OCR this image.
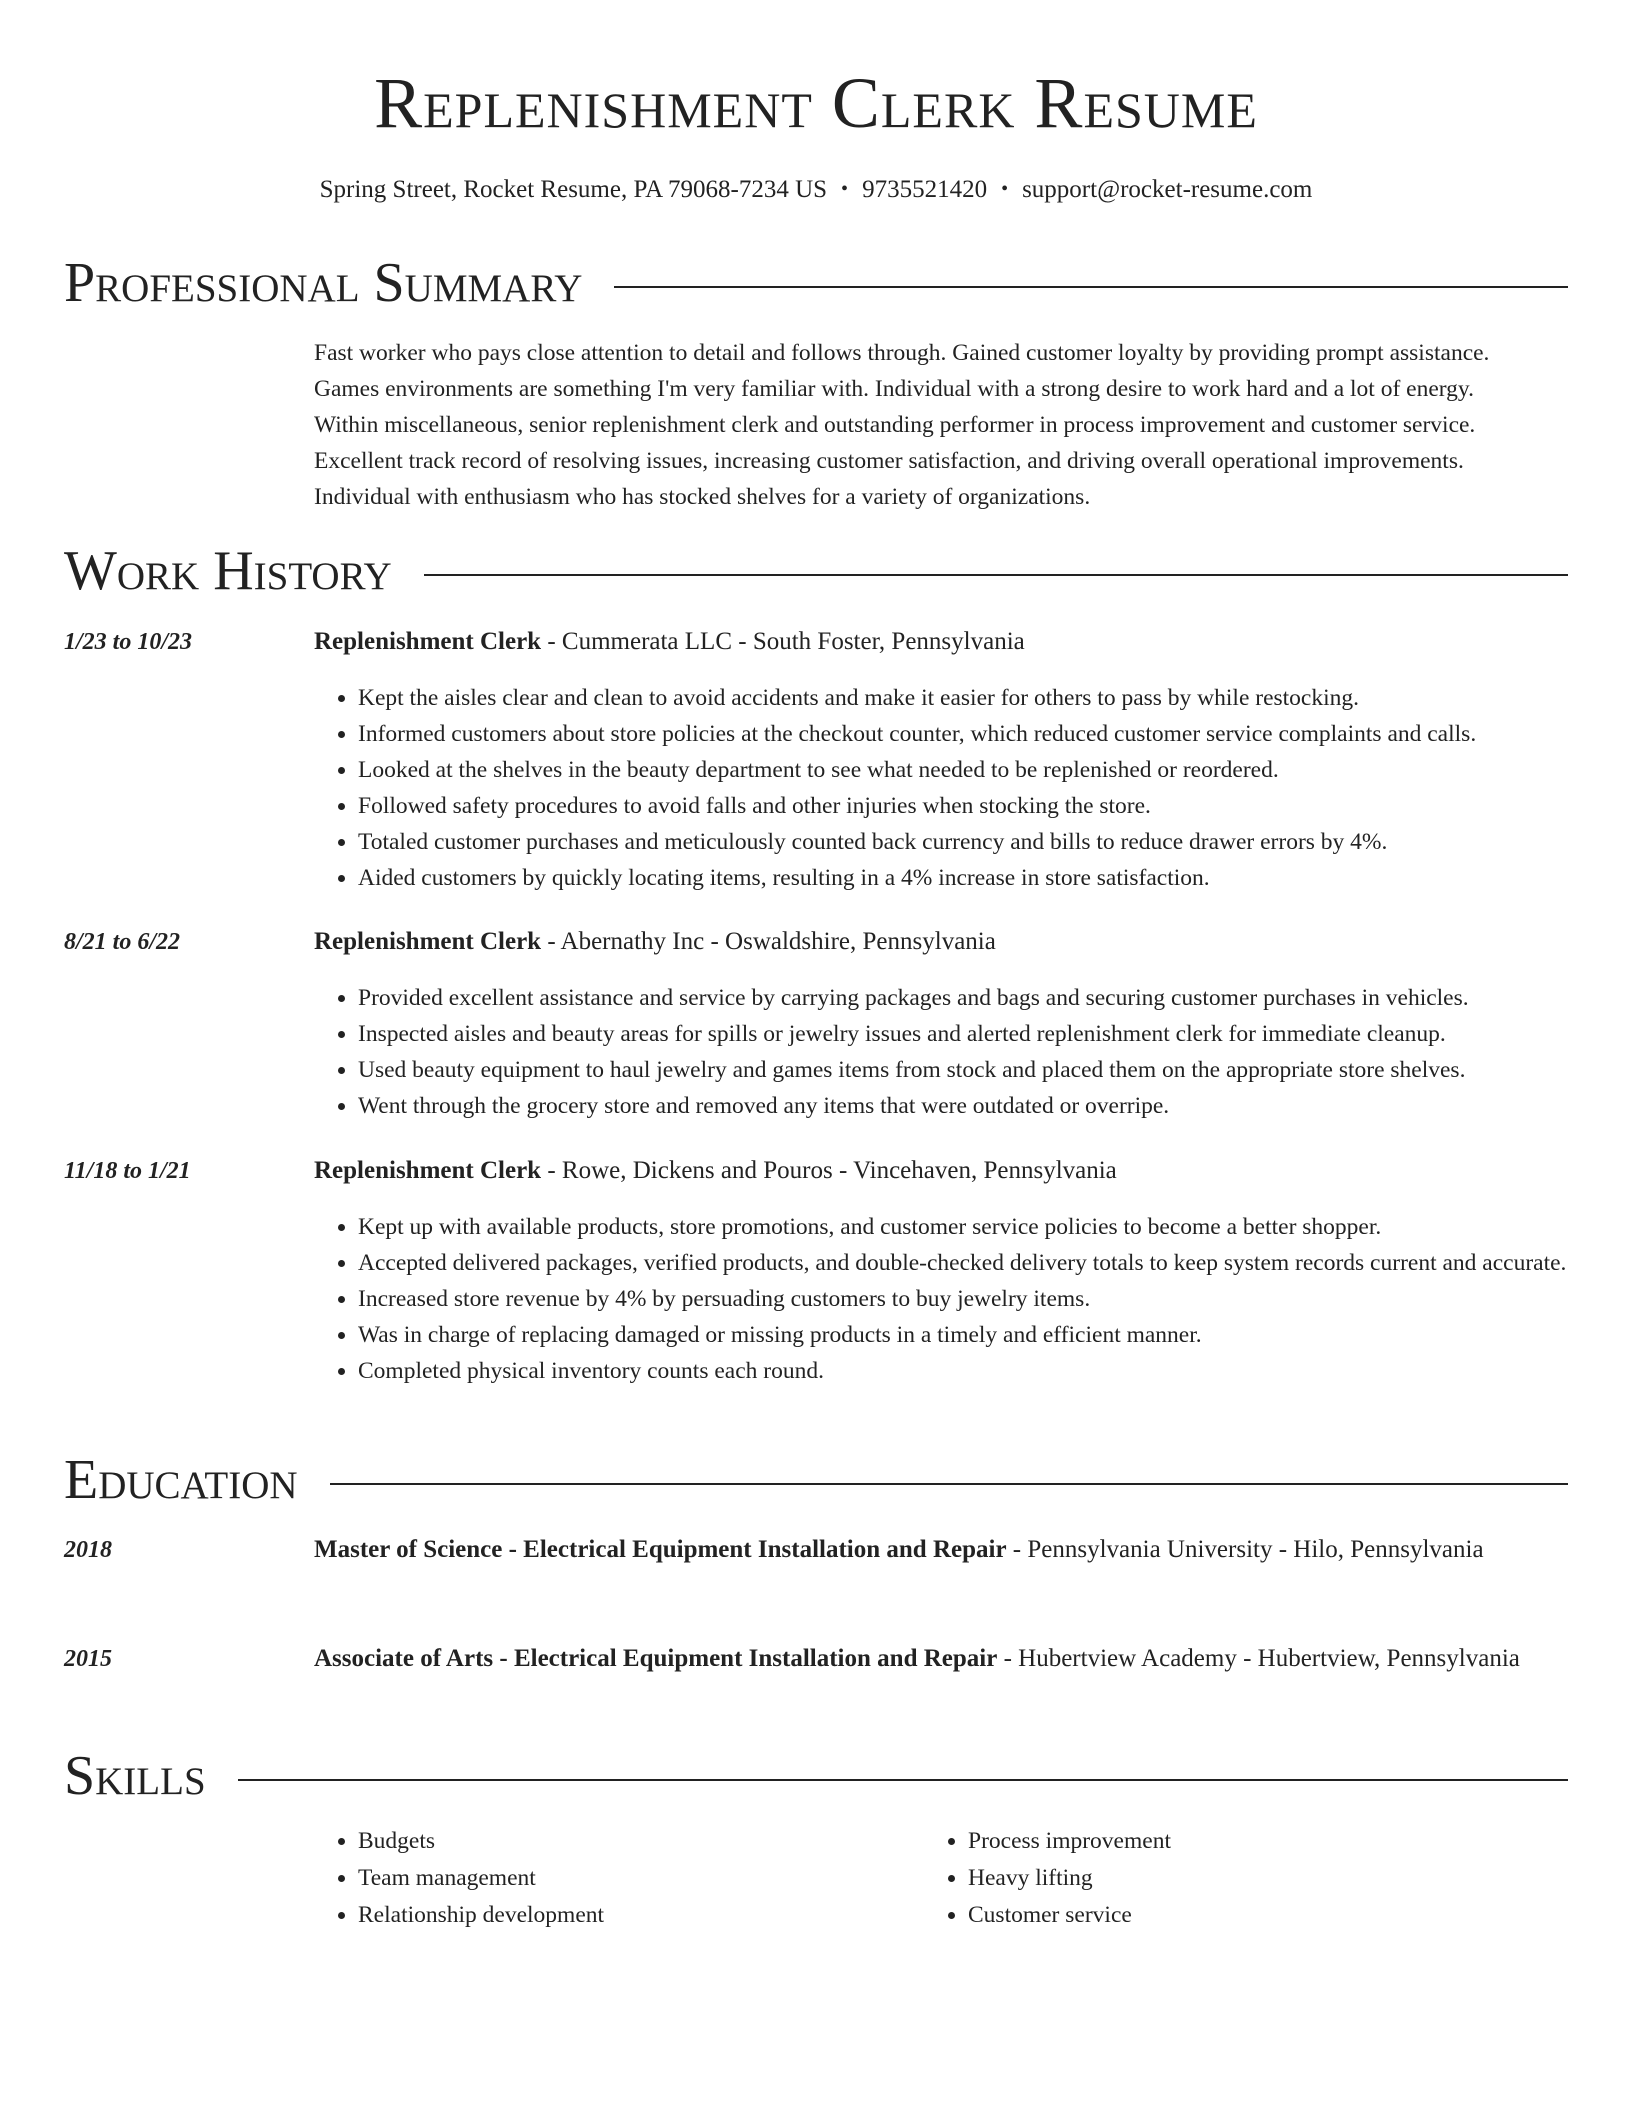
Replenishment Clerk Resume
Spring Street, Rocket Resume, PA 79068-7234 US • 9735521420 • support@rocket-resume.com
Professional Summary
Fast worker who pays close attention to detail and follows through. Gained customer loyalty by providing prompt assistance.
Games environments are something I'm very familiar with. Individual with a strong desire to work hard and a lot of energy.
Within miscellaneous, senior replenishment clerk and outstanding performer in process improvement and customer service.
Excellent track record of resolving issues, increasing customer satisfaction, and driving overall operational improvements.
Individual with enthusiasm who has stocked shelves for a variety of organizations.
Work History
1/23 to 10/23	Replenishment Clerk - Cummerata LLC - South Foster, Pennsylvania
• Kept the aisles clear and clean to avoid accidents and make it easier for others to pass by while restocking.
• Informed customers about store policies at the checkout counter, which reduced customer service complaints and calls.
• Looked at the shelves in the beauty department to see what needed to be replenished or reordered.
• Followed safety procedures to avoid falls and other injuries when stocking the store.
• Totaled customer purchases and meticulously counted back currency and bills to reduce drawer errors by 4%.
• Aided customers by quickly locating items, resulting in a 4% increase in store satisfaction.
8/21 to 6/22	Replenishment Clerk - Abernathy Inc - Oswaldshire, Pennsylvania
• Provided excellent assistance and service by carrying packages and bags and securing customer purchases in vehicles.
• Inspected aisles and beauty areas for spills or jewelry issues and alerted replenishment clerk for immediate cleanup.
• Used beauty equipment to haul jewelry and games items from stock and placed them on the appropriate store shelves.
• Went through the grocery store and removed any items that were outdated or overripe.
11/18 to 1/21	Replenishment Clerk - Rowe, Dickens and Pouros - Vincehaven, Pennsylvania
• Kept up with available products, store promotions, and customer service policies to become a better shopper.
• Accepted delivered packages, verified products, and double-checked delivery totals to keep system records current and accurate.
• Increased store revenue by 4% by persuading customers to buy jewelry items.
• Was in charge of replacing damaged or missing products in a timely and efficient manner.
• Completed physical inventory counts each round.
Education
2018	Master of Science - Electrical Equipment Installation and Repair - Pennsylvania University - Hilo, Pennsylvania
2015	Associate of Arts - Electrical Equipment Installation and Repair - Hubertview Academy - Hubertview, Pennsylvania
Skills
• Budgets
• Team management
• Relationship development
• Process improvement
• Heavy lifting
• Customer service
